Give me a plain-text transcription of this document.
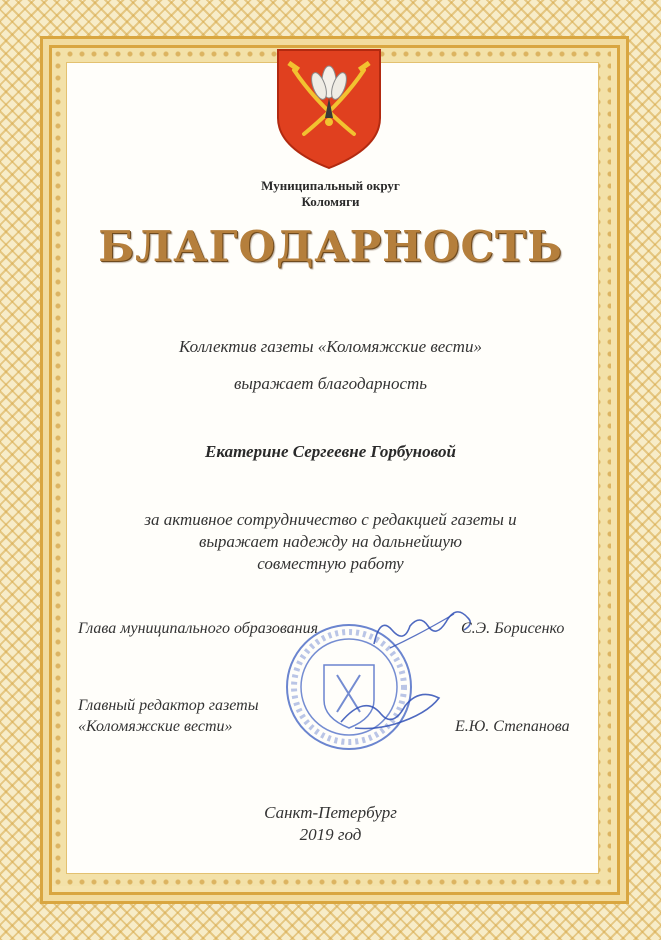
Муниципальный округ
Коломяги
БЛАГОДАРНОСТЬ
Коллектив газеты «Коломяжские вести»
выражает благодарность
Екатерине Сергеевне Горбуновой
за активное сотрудничество с редакцией газеты и
выражает надежду на дальнейшую
совместную работу
Глава муниципального образования	С.Э. Борисенко
Главный редактор газеты
«Коломяжские вести»	Е.Ю. Степанова
Санкт-Петербург
2019 год
